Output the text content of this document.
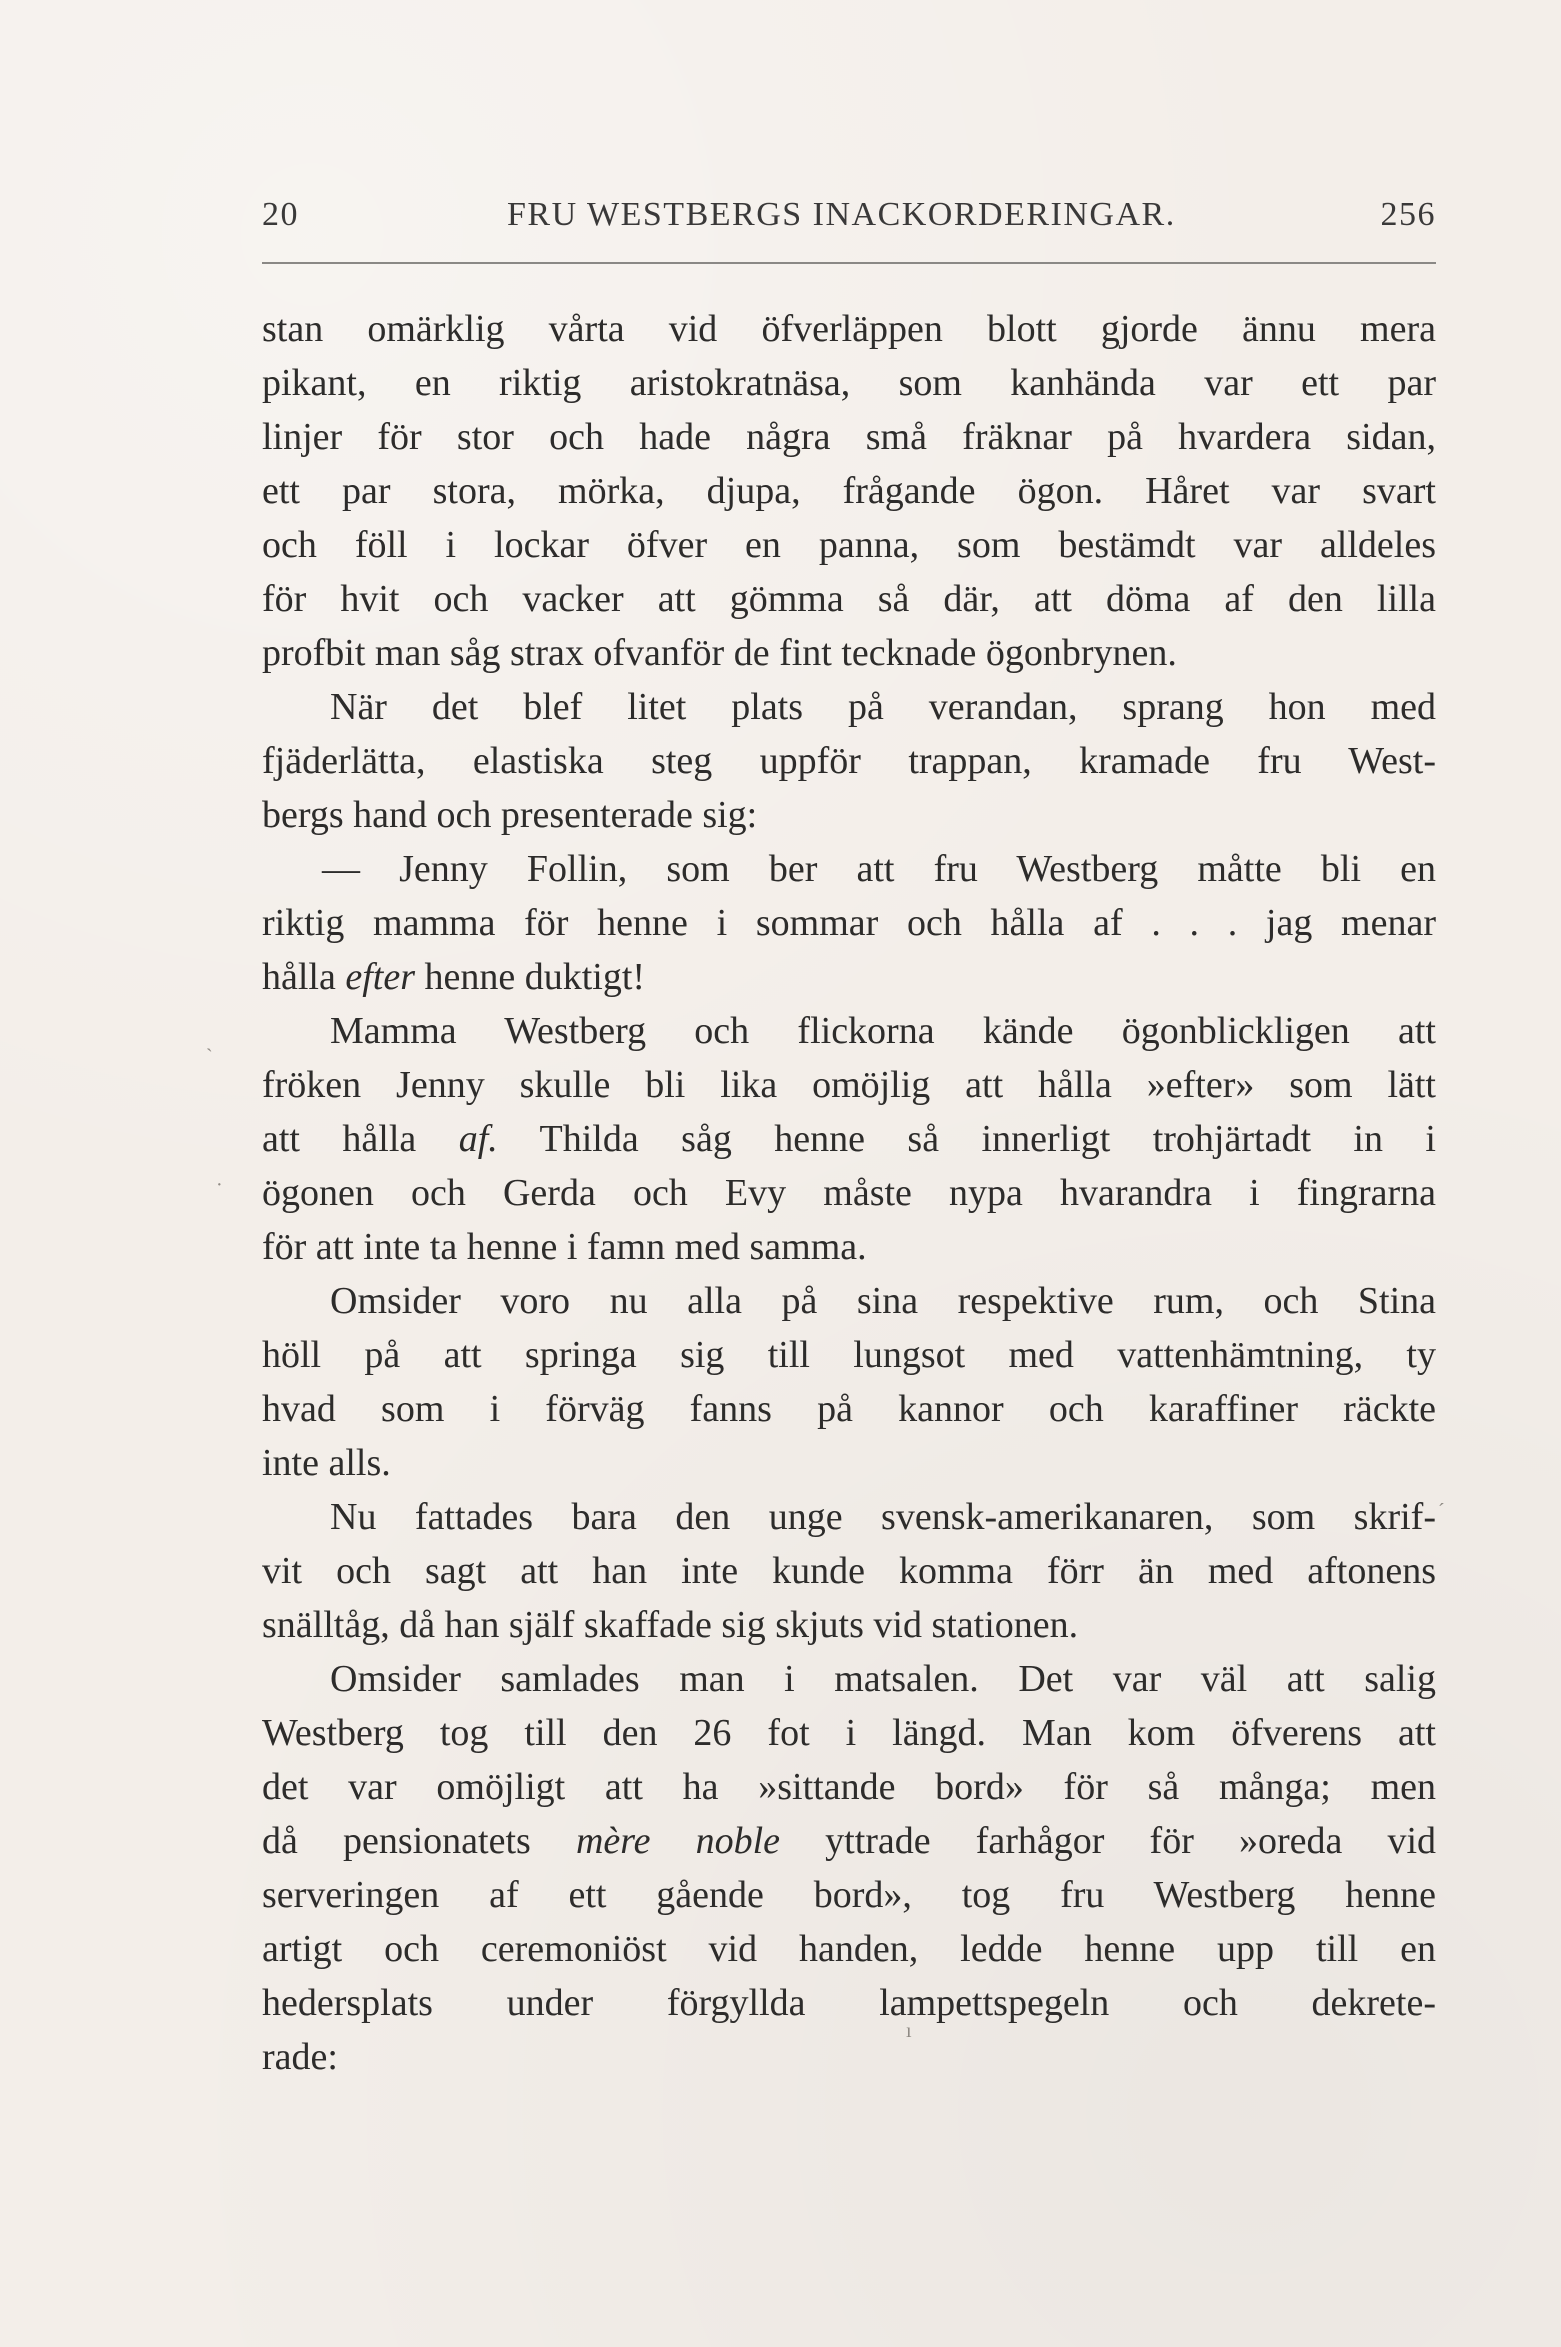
20	FRU WESTBERGS INACKORDERINGAR.	256
stan omärklig vårta vid öfverläppen blott gjorde ännu mera
pikant, en riktig aristokratnäsa, som kanhända var ett par
linjer för stor och hade några små fräknar på hvardera sidan,
ett par stora, mörka, djupa, frågande ögon. Håret var svart
och föll i lockar öfver en panna, som bestämdt var alldeles
för hvit och vacker att gömma så där, att döma af den lilla
profbit man såg strax ofvanför de fint tecknade ögonbrynen.
När det blef litet plats på verandan, sprang hon med
fjäderlätta, elastiska steg uppför trappan, kramade fru West-
bergs hand och presenterade sig:
— Jenny Follin, som ber att fru Westberg måtte bli en
riktig mamma för henne i sommar och hålla af . . . jag menar
hålla efter henne duktigt!
Mamma Westberg och flickorna kände ögonblickligen att
fröken Jenny skulle bli lika omöjlig att hålla »efter» som lätt
att hålla af. Thilda såg henne så innerligt trohjärtadt in i
ögonen och Gerda och Evy måste nypa hvarandra i fingrarna
för att inte ta henne i famn med samma.
Omsider voro nu alla på sina respektive rum, och Stina
höll på att springa sig till lungsot med vattenhämtning, ty
hvad som i förväg fanns på kannor och karaffiner räckte
inte alls.
Nu fattades bara den unge svensk-amerikanaren, som skrif-
vit och sagt att han inte kunde komma förr än med aftonens
snälltåg, då han själf skaffade sig skjuts vid stationen.
Omsider samlades man i matsalen. Det var väl att salig
Westberg tog till den 26 fot i längd. Man kom öfverens att
det var omöjligt att ha »sittande bord» för så många; men
då pensionatets mère noble yttrade farhågor för »oreda vid
serveringen af ett gående bord», tog fru Westberg henne
artigt och ceremoniöst vid handen, ledde henne upp till en
hedersplats under förgyllda lampettspegeln och dekrete-
rade:
ˎ
·
ˊ
ı
